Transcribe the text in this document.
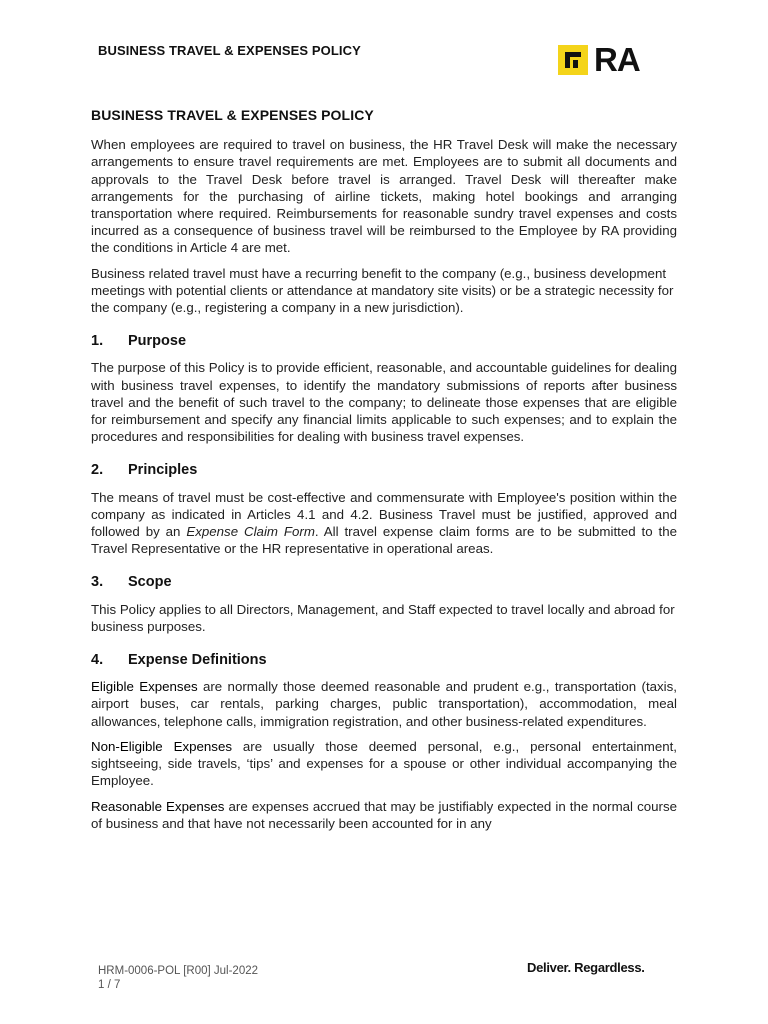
BUSINESS TRAVEL & EXPENSES POLICY	RA
BUSINESS TRAVEL & EXPENSES POLICY

When employees are required to travel on business, the HR Travel Desk will make the necessary arrangements to ensure travel requirements are met. Employees are to submit all documents and approvals to the Travel Desk before travel is arranged. Travel Desk will thereafter make arrangements for the purchasing of airline tickets, making hotel bookings and arranging transportation where required. Reimbursements for reasonable sundry travel expenses and costs incurred as a consequence of business travel will be reimbursed to the Employee by RA providing the conditions in Article 4 are met.

Business related travel must have a recurring benefit to the company (e.g., business development meetings with potential clients or attendance at mandatory site visits) or be a strategic necessity for the company (e.g., registering a company in a new jurisdiction).

1.	Purpose

The purpose of this Policy is to provide efficient, reasonable, and accountable guidelines for dealing with business travel expenses, to identify the mandatory submissions of reports after business travel and the benefit of such travel to the company; to delineate those expenses that are eligible for reimbursement and specify any financial limits applicable to such expenses; and to explain the procedures and responsibilities for dealing with business travel expenses.

2.	Principles

The means of travel must be cost-effective and commensurate with Employee's position within the company as indicated in Articles 4.1 and 4.2. Business Travel must be justified, approved and followed by an Expense Claim Form. All travel expense claim forms are to be submitted to the Travel Representative or the HR representative in operational areas.

3.	Scope

This Policy applies to all Directors, Management, and Staff expected to travel locally and abroad for business purposes.

4.	Expense Definitions

Eligible Expenses are normally those deemed reasonable and prudent e.g., transportation (taxis, airport buses, car rentals, parking charges, public transportation), accommodation, meal allowances, telephone calls, immigration registration, and other business-related expenditures.

Non-Eligible Expenses are usually those deemed personal, e.g., personal entertainment, sightseeing, side travels, ‘tips’ and expenses for a spouse or other individual accompanying the Employee.

Reasonable Expenses are expenses accrued that may be justifiably expected in the normal course of business and that have not necessarily been accounted for in any

HRM-0006-POL [R00] Jul-2022
1 / 7
Deliver. Regardless.
